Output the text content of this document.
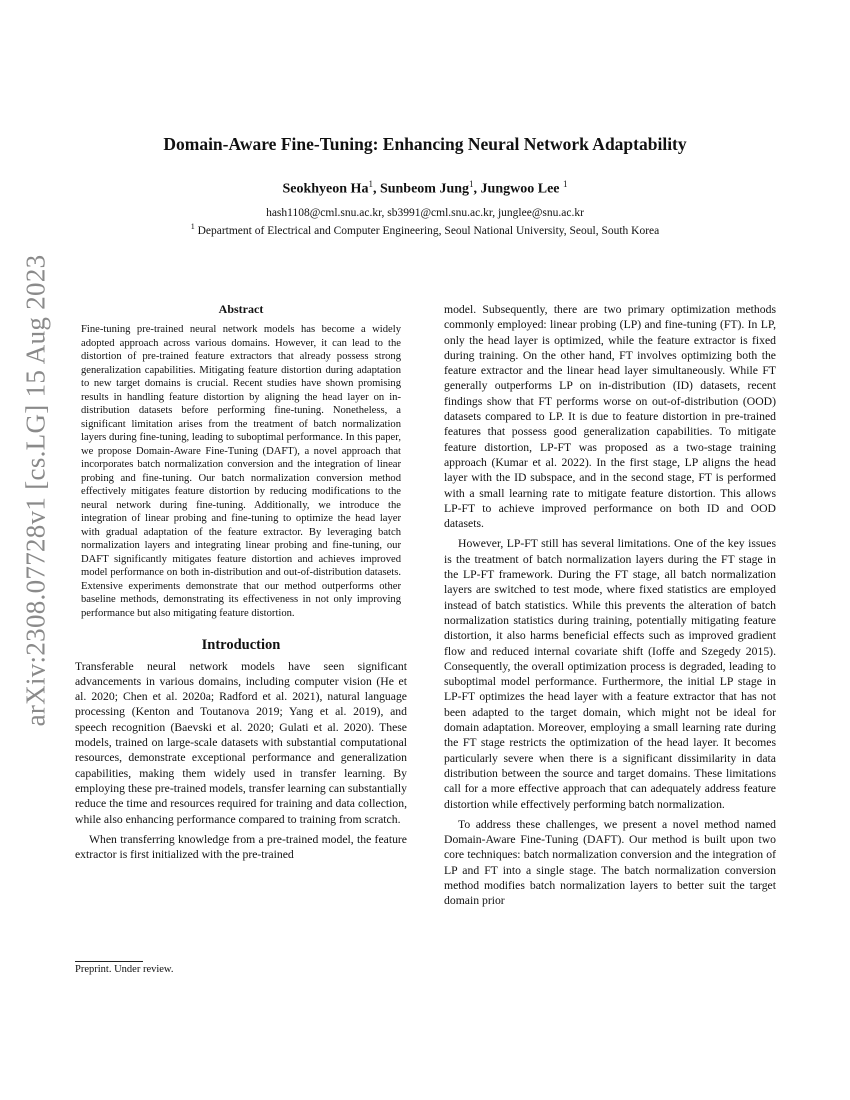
arXiv:2308.07728v1 [cs.LG] 15 Aug 2023
Domain-Aware Fine-Tuning: Enhancing Neural Network Adaptability
Seokhyeon Ha$^1$, Sunbeom Jung$^1$, Jungwoo Lee $^1$
hash1108@cml.snu.ac.kr, sb3991@cml.snu.ac.kr, junglee@snu.ac.kr
$^1$ Department of Electrical and Computer Engineering, Seoul National University, Seoul, South Korea
Abstract

Fine-tuning pre-trained neural network models has become a widely adopted approach across various domains. However, it can lead to the distortion of pre-trained feature extractors that already possess strong generalization capabilities. Mitigating feature distortion during adaptation to new target domains is crucial. Recent studies have shown promising results in handling feature distortion by aligning the head layer on in-distribution datasets before performing fine-tuning. Nonetheless, a significant limitation arises from the treatment of batch normalization layers during fine-tuning, leading to suboptimal performance. In this paper, we propose Domain-Aware Fine-Tuning (DAFT), a novel approach that incorporates batch normalization conversion and the integration of linear probing and fine-tuning. Our batch normalization conversion method effectively mitigates feature distortion by reducing modifications to the neural network during fine-tuning. Additionally, we introduce the integration of linear probing and fine-tuning to optimize the head layer with gradual adaptation of the feature extractor. By leveraging batch normalization layers and integrating linear probing and fine-tuning, our DAFT significantly mitigates feature distortion and achieves improved model performance on both in-distribution and out-of-distribution datasets. Extensive experiments demonstrate that our method outperforms other baseline methods, demonstrating its effectiveness in not only improving performance but also mitigating feature distortion.

Introduction

Transferable neural network models have seen significant advancements in various domains, including computer vision (He et al. 2020; Chen et al. 2020a; Radford et al. 2021), natural language processing (Kenton and Toutanova 2019; Yang et al. 2019), and speech recognition (Baevski et al. 2020; Gulati et al. 2020). These models, trained on large-scale datasets with substantial computational resources, demonstrate exceptional performance and generalization capabilities, making them widely used in transfer learning. By employing these pre-trained models, transfer learning can substantially reduce the time and resources required for training and data collection, while also enhancing performance compared to training from scratch.

When transferring knowledge from a pre-trained model, the feature extractor is first initialized with the pre-trained

model. Subsequently, there are two primary optimization methods commonly employed: linear probing (LP) and fine-tuning (FT). In LP, only the head layer is optimized, while the feature extractor is fixed during training. On the other hand, FT involves optimizing both the feature extractor and the linear head layer simultaneously. While FT generally outperforms LP on in-distribution (ID) datasets, recent findings show that FT performs worse on out-of-distribution (OOD) datasets compared to LP. It is due to feature distortion in pre-trained features that possess good generalization capabilities. To mitigate feature distortion, LP-FT was proposed as a two-stage training approach (Kumar et al. 2022). In the first stage, LP aligns the head layer with the ID subspace, and in the second stage, FT is performed with a small learning rate to mitigate feature distortion. This allows LP-FT to achieve improved performance on both ID and OOD datasets.

However, LP-FT still has several limitations. One of the key issues is the treatment of batch normalization layers during the FT stage in the LP-FT framework. During the FT stage, all batch normalization layers are switched to test mode, where fixed statistics are employed instead of batch statistics. While this prevents the alteration of batch normalization statistics during training, potentially mitigating feature distortion, it also harms beneficial effects such as improved gradient flow and reduced internal covariate shift (Ioffe and Szegedy 2015). Consequently, the overall optimization process is degraded, leading to suboptimal model performance. Furthermore, the initial LP stage in LP-FT optimizes the head layer with a feature extractor that has not been adapted to the target domain, which might not be ideal for domain adaptation. Moreover, employing a small learning rate during the FT stage restricts the optimization of the head layer. It becomes particularly severe when there is a significant dissimilarity in data distribution between the source and target domains. These limitations call for a more effective approach that can adequately address feature distortion while effectively performing batch normalization.

To address these challenges, we present a novel method named Domain-Aware Fine-Tuning (DAFT). Our method is built upon two core techniques: batch normalization conversion and the integration of LP and FT into a single stage. The batch normalization conversion method modifies batch normalization layers to better suit the target domain prior

Preprint. Under review.
